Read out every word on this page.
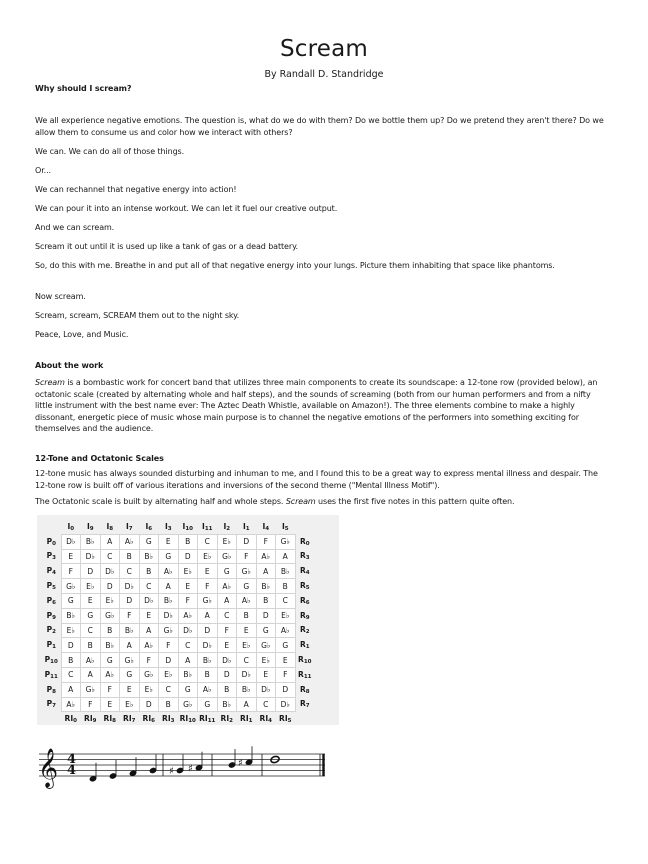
Scream
By Randall D. Standridge
Why should I scream?
We all experience negative emotions. The question is, what do we do with them? Do we bottle them up? Do we pretend they aren't there? Do we allow them to consume us and color how we interact with others?
We can. We can do all of those things.
Or...
We can rechannel that negative energy into action!
We can pour it into an intense workout. We can let it fuel our creative output.
And we can scream.
Scream it out until it is used up like a tank of gas or a dead battery.
So, do this with me. Breathe in and put all of that negative energy into your lungs. Picture them inhabiting that space like phantoms.
Now scream.
Scream, scream, SCREAM them out to the night sky.
Peace, Love, and Music.
About the work
Scream is a bombastic work for concert band that utilizes three main components to create its soundscape: a 12-tone row (provided below), an octatonic scale (created by alternating whole and half steps), and the sounds of screaming (both from our human performers and from a nifty little instrument with the best name ever: The Aztec Death Whistle, available on Amazon!). The three elements combine to make a highly dissonant, energetic piece of music whose main purpose is to channel the negative emotions of the performers into something exciting for themselves and the audience.
12-Tone and Octatonic Scales
12-tone music has always sounded disturbing and inhuman to me, and I found this to be a great way to express mental illness and despair. The 12-tone row is built off of various iterations and inversions of the second theme ("Mental Illness Motif").
The Octatonic scale is built by alternating half and whole steps. Scream uses the first five notes in this pattern quite often.
	$I_0$	$I_9$	$I_8$	$I_7$	$I_6$	$I_3$	$I_{10}$	$I_{11}$	$I_2$	$I_1$	$I_4$	$I_5$	
$P_0$	D♭	B♭	A	A♭	G	E	B	C	E♭	D	F	G♭	$R_0$
$P_3$	E	D♭	C	B	B♭	G	D	E♭	G♭	F	A♭	A	$R_3$
$P_4$	F	D	D♭	C	B	A♭	E♭	E	G	G♭	A	B♭	$R_4$
$P_5$	G♭	E♭	D	D♭	C	A	E	F	A♭	G	B♭	B	$R_5$
$P_6$	G	E	E♭	D	D♭	B♭	F	G♭	A	A♭	B	C	$R_6$
$P_9$	B♭	G	G♭	F	E	D♭	A♭	A	C	B	D	E♭	$R_9$
$P_2$	E♭	C	B	B♭	A	G♭	D♭	D	F	E	G	A♭	$R_2$
$P_1$	D	B	B♭	A	A♭	F	C	D♭	E	E♭	G♭	G	$R_1$
$P_{10}$	B	A♭	G	G♭	F	D	A	B♭	D♭	C	E♭	E	$R_{10}$
$P_{11}$	C	A	A♭	G	G♭	E♭	B♭	B	D	D♭	E	F	$R_{11}$
$P_8$	A	G♭	F	E	E♭	C	G	A♭	B	B♭	D♭	D	$R_8$
$P_7$	A♭	F	E	E♭	D	B	G♭	G	B♭	A	C	D♭	$R_7$
	$RI_0$	$RI_9$	$RI_8$	$RI_7$	$RI_6$	$RI_3$	$RI_{10}$	$RI_{11}$	$RI_2$	$RI_1$	$RI_4$	$RI_5$	
𝄞 4
4	♯ ♯	♯
